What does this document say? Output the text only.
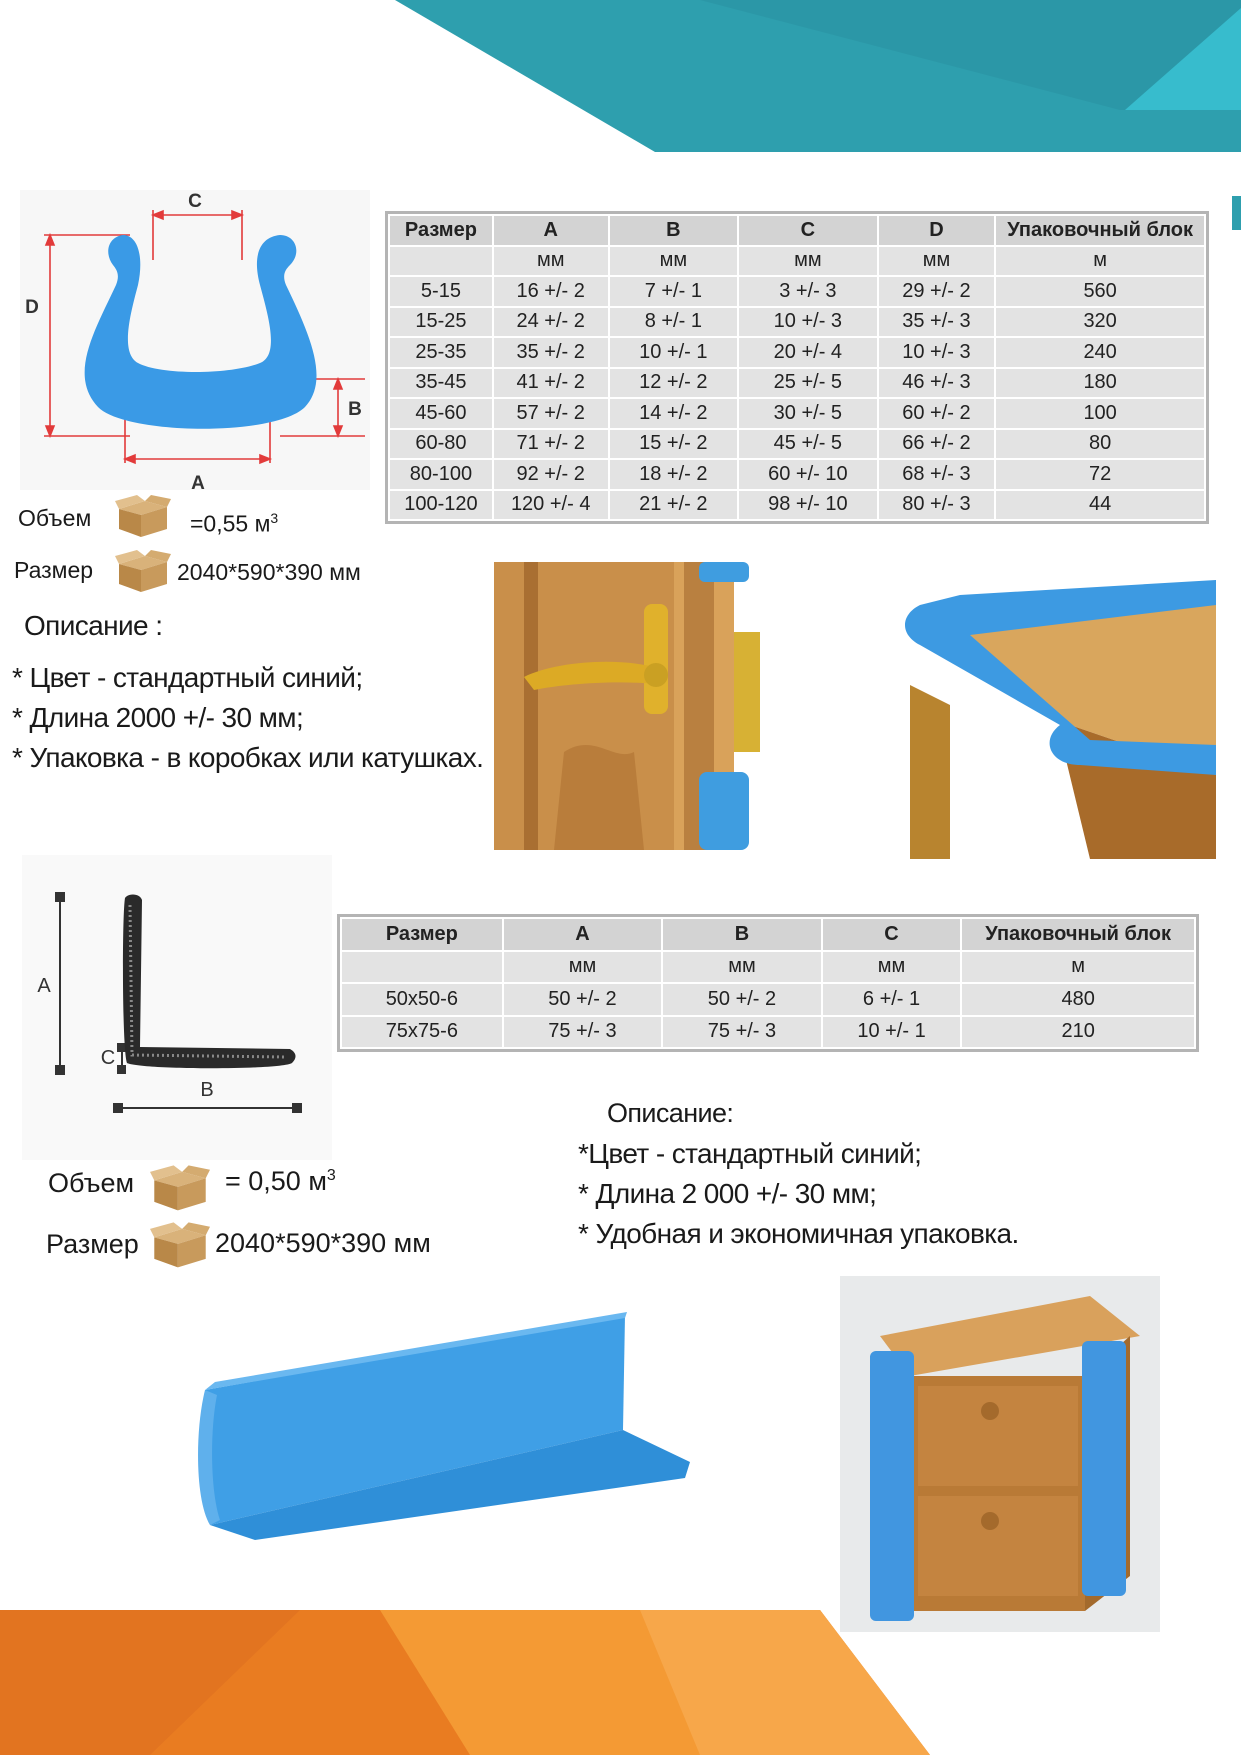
C
D
B
A
Размер	A	B	C	D	Упаковочный блок
	мм	мм	мм	мм	м
5-15	16 +/- 2	7 +/- 1	3 +/- 3	29 +/- 2	560
15-25	24 +/- 2	8 +/- 1	10 +/- 3	35 +/- 3	320
25-35	35 +/- 2	10 +/- 1	20 +/- 4	10 +/- 3	240
35-45	41 +/- 2	12 +/- 2	25 +/- 5	46 +/- 3	180
45-60	57 +/- 2	14 +/- 2	30 +/- 5	60 +/- 2	100
60-80	71 +/- 2	15 +/- 2	45 +/- 5	66 +/- 2	80
80-100	92 +/- 2	18 +/- 2	60 +/- 10	68 +/- 3	72
100-120	120 +/- 4	21 +/- 2	98 +/- 10	80 +/- 3	44
Объем	=0,55 $м^3$
Размер	2040*590*390 мм
Описание :
* Цвет - стандартный синий;
* Длина 2000 +/- 30 мм;
* Упаковка - в коробках или катушках.
A
C
B
Размер	A	B	C	Упаковочный блок
	мм	мм	мм	м
50х50-6	50 +/- 2	50 +/- 2	6 +/- 1	480
75х75-6	75 +/- 3	75 +/- 3	10 +/- 1	210
Описание:
*Цвет - стандартный синий;
* Длина 2 000 +/- 30 мм;
* Удобная и экономичная упаковка.
Объем	= 0,50 $м^3$
Размер	2040*590*390 мм
